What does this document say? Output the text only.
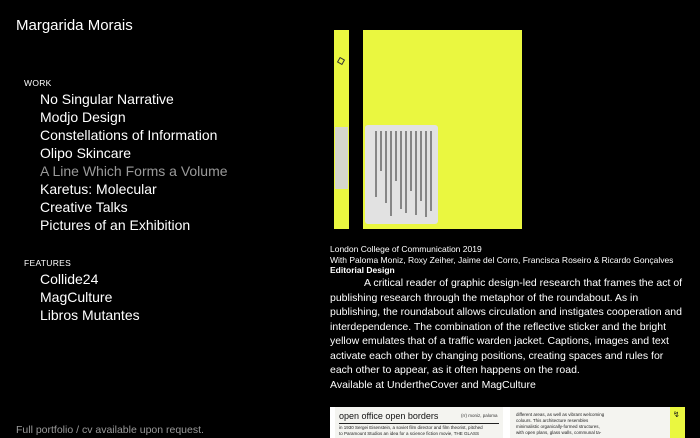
Margarida Morais
WORK
No Singular Narrative
Modjo Design
Constellations of Information
Olipo Skincare
A Line Which Forms a Volume
Karetus: Molecular
Creative Talks
Pictures of an Exhibition
FEATURES
Collide24
MagCulture
Libros Mutantes
Full portfolio / cv available upon request.
London College of Communication 2019
With Paloma Moniz, Roxy Zeiher, Jaime del Corro, Francisca Roseiro & Ricardo Gonçalves
Editorial Design

A critical reader of graphic design-led research that frames the act of publishing research through the metaphor of the roundabout. As in publishing, the roundabout allows circulation and instigates cooperation and interdependence. The combination of the reflective sticker and the bright yellow emulates that of a traffic warden jacket. Captions, images and text activate each other by changing positions, creating spaces and rules for each other to appear, as it often happens on the road.

Available at UndertheCover and MagCulture

open office open borders	(rr) moniz, paloma
in 1930 Sergei Eisenstein, a soviet film director and film theorist, pitched
to Paramount Studios an idea for a science fiction movie, THE GLASS
different areas, as well as vibrant welcoming
colours. This architecture resembles
minimalistic organically-formed structures,
with open plans, glass walls, communal ta-
↯
